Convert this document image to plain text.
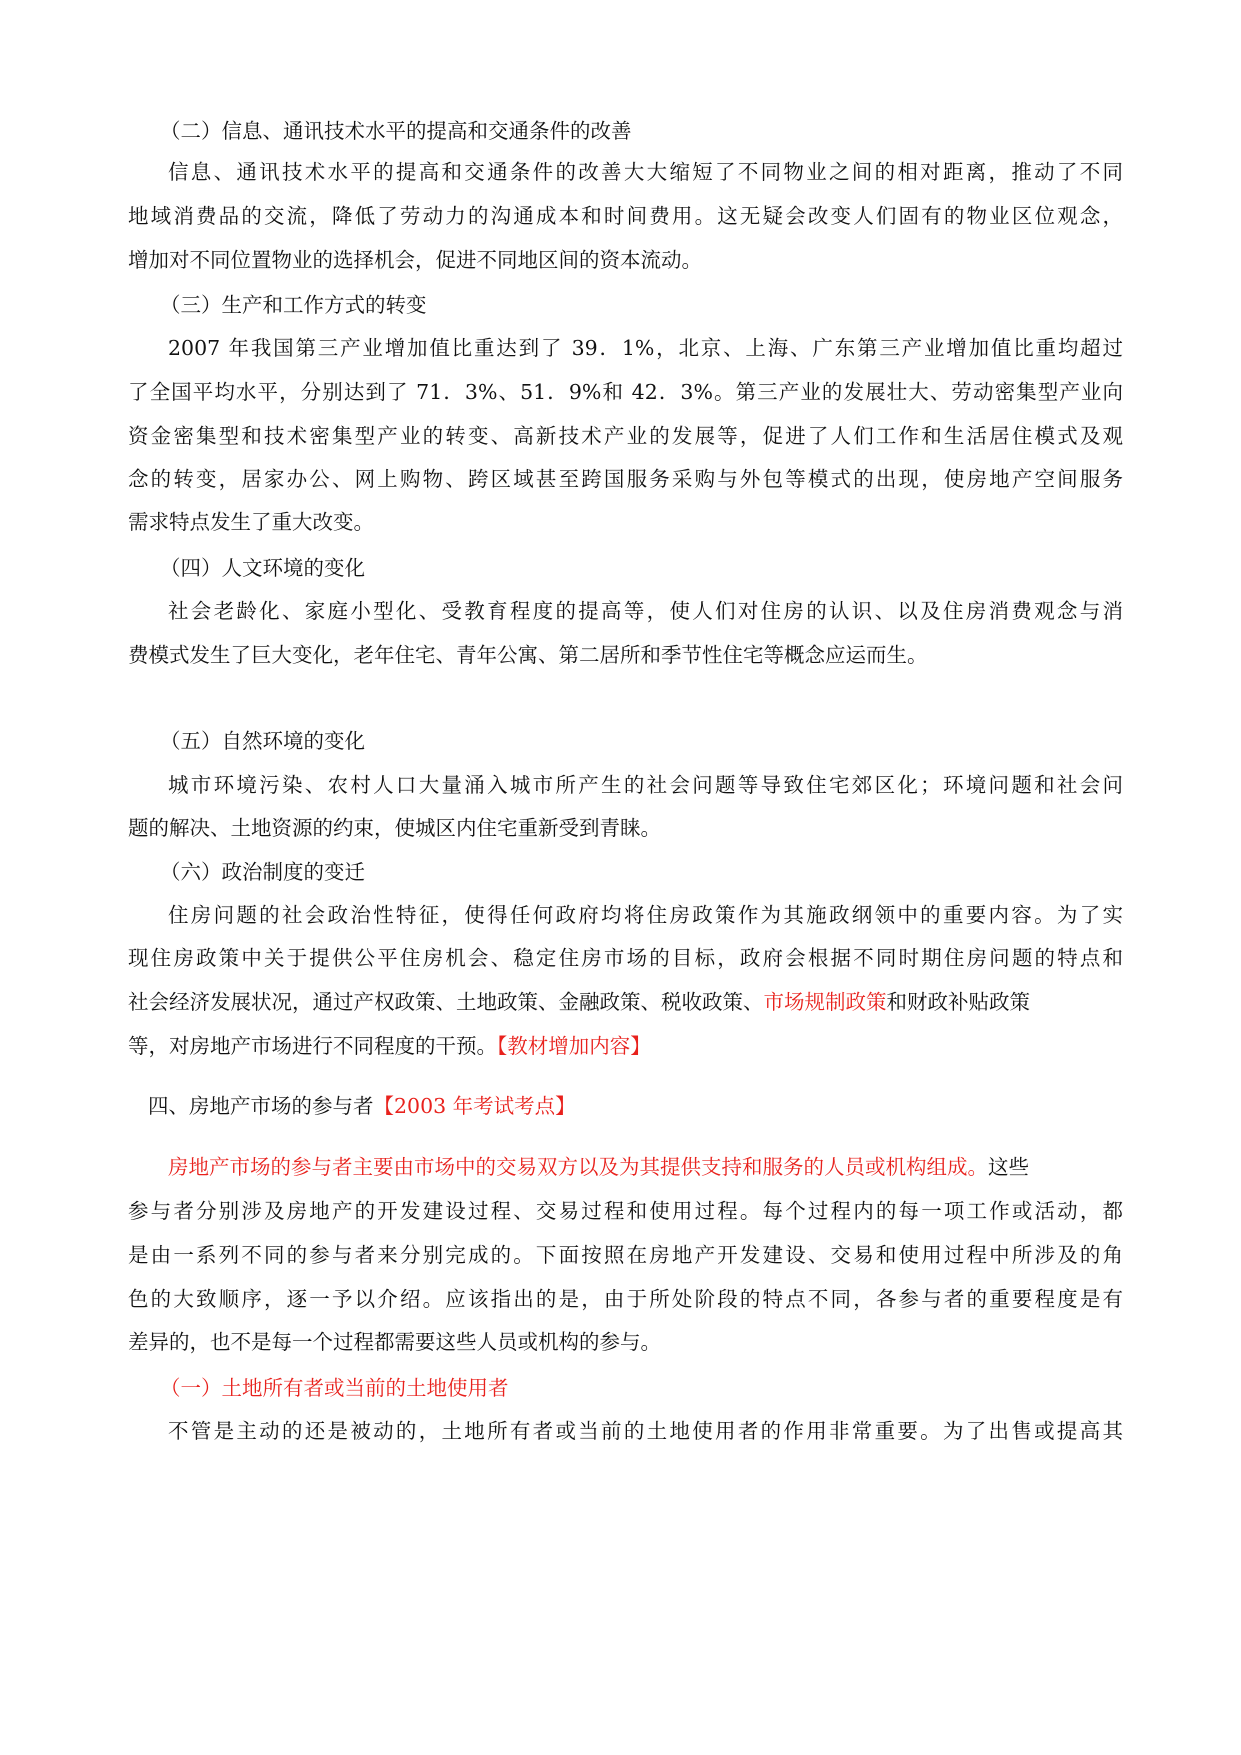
（二）信息、通讯技术水平的提高和交通条件的改善
信息、通讯技术水平的提高和交通条件的改善大大缩短了不同物业之间的相对距离，推动了不同
地域消费品的交流，降低了劳动力的沟通成本和时间费用。这无疑会改变人们固有的物业区位观念，
增加对不同位置物业的选择机会，促进不同地区间的资本流动。
（三）生产和工作方式的转变
2007 年我国第三产业增加值比重达到了 39．1%，北京、上海、广东第三产业增加值比重均超过
了全国平均水平，分别达到了 71．3%、51．9%和 42．3%。第三产业的发展壮大、劳动密集型产业向
资金密集型和技术密集型产业的转变、高新技术产业的发展等，促进了人们工作和生活居住模式及观
念的转变，居家办公、网上购物、跨区域甚至跨国服务采购与外包等模式的出现，使房地产空间服务
需求特点发生了重大改变。
（四）人文环境的变化
社会老龄化、家庭小型化、受教育程度的提高等，使人们对住房的认识、以及住房消费观念与消
费模式发生了巨大变化，老年住宅、青年公寓、第二居所和季节性住宅等概念应运而生。
（五）自然环境的变化
城市环境污染、农村人口大量涌入城市所产生的社会问题等导致住宅郊区化；环境问题和社会问
题的解决、土地资源的约束，使城区内住宅重新受到青睐。
（六）政治制度的变迁
住房问题的社会政治性特征，使得任何政府均将住房政策作为其施政纲领中的重要内容。为了实
现住房政策中关于提供公平住房机会、稳定住房市场的目标，政府会根据不同时期住房问题的特点和
社会经济发展状况，通过产权政策、土地政策、金融政策、税收政策、市场规制政策和财政补贴政策
等，对房地产市场进行不同程度的干预。【教材增加内容】
四、房地产市场的参与者【2003 年考试考点】
房地产市场的参与者主要由市场中的交易双方以及为其提供支持和服务的人员或机构组成。这些
参与者分别涉及房地产的开发建设过程、交易过程和使用过程。每个过程内的每一项工作或活动，都
是由一系列不同的参与者来分别完成的。下面按照在房地产开发建设、交易和使用过程中所涉及的角
色的大致顺序，逐一予以介绍。应该指出的是，由于所处阶段的特点不同，各参与者的重要程度是有
差异的，也不是每一个过程都需要这些人员或机构的参与。
（一）土地所有者或当前的土地使用者
不管是主动的还是被动的，土地所有者或当前的土地使用者的作用非常重要。为了出售或提高其
